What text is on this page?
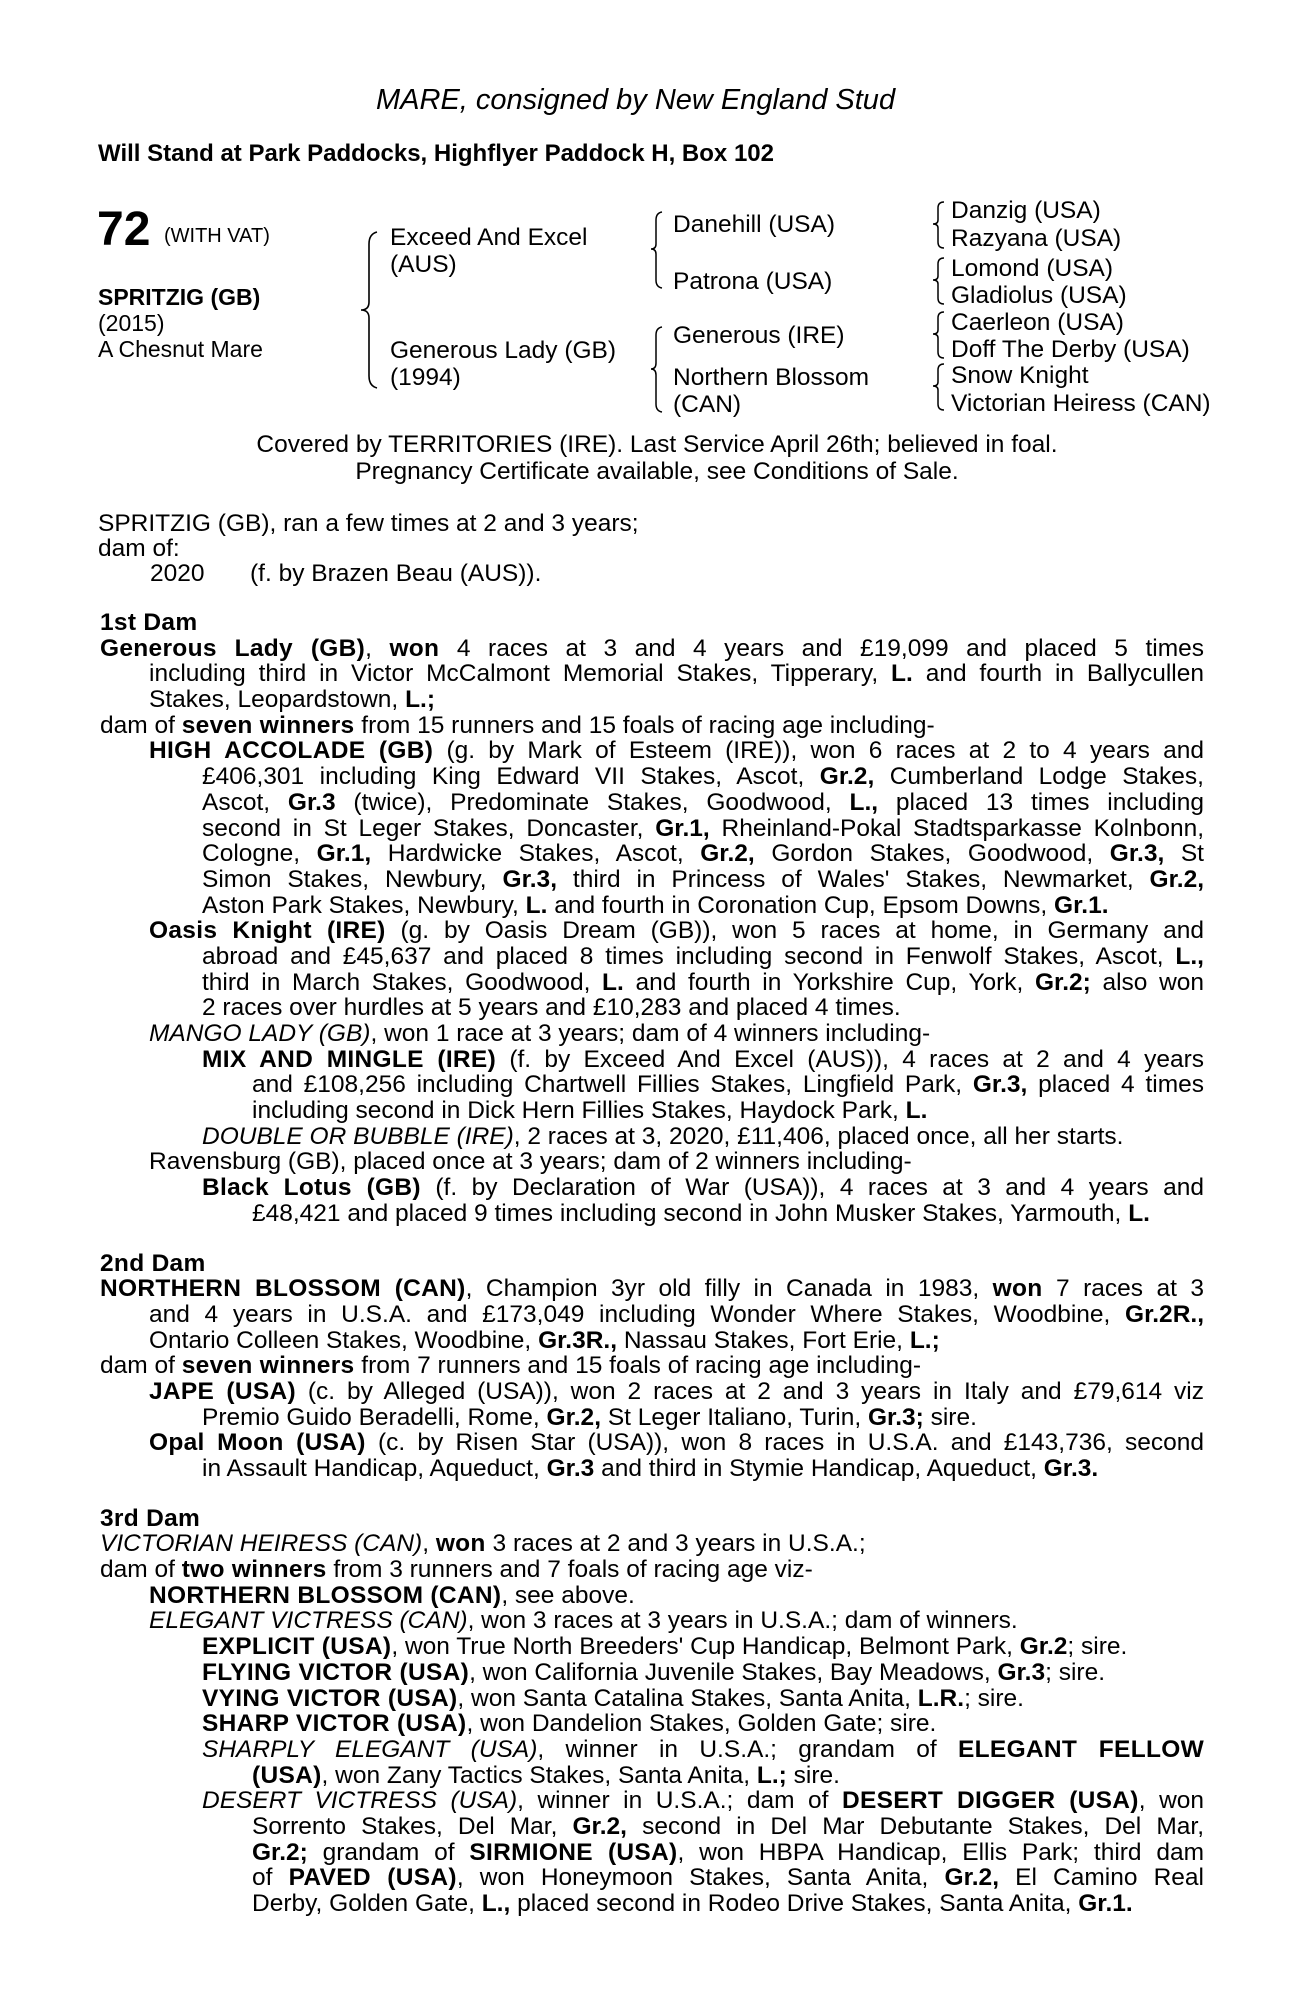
MARE, consigned by New England Stud
Will Stand at Park Paddocks, Highflyer Paddock H, Box 102
72 (WITH VAT)
SPRITZIG (GB)
(2015)
A Chesnut Mare
Exceed And Excel
(AUS)
Generous Lady (GB)
(1994)
Danehill (USA)
Patrona (USA)
Generous (IRE)
Northern Blossom
(CAN)
Danzig (USA)
Razyana (USA)
Lomond (USA)
Gladiolus (USA)
Caerleon (USA)
Doff The Derby (USA)
Snow Knight
Victorian Heiress (CAN)
Covered by TERRITORIES (IRE). Last Service April 26th; believed in foal.
Pregnancy Certificate available, see Conditions of Sale.
SPRITZIG (GB), ran a few times at 2 and 3 years;
dam of:
2020 (f. by Brazen Beau (AUS)).
1st Dam
Generous Lady (GB), won 4 races at 3 and 4 years and £19,099 and placed 5 times
including third in Victor McCalmont Memorial Stakes, Tipperary, L. and fourth in Ballycullen
Stakes, Leopardstown, L.;
dam of seven winners from 15 runners and 15 foals of racing age including-
HIGH ACCOLADE (GB) (g. by Mark of Esteem (IRE)), won 6 races at 2 to 4 years and
£406,301 including King Edward VII Stakes, Ascot, Gr.2, Cumberland Lodge Stakes,
Ascot, Gr.3 (twice), Predominate Stakes, Goodwood, L., placed 13 times including
second in St Leger Stakes, Doncaster, Gr.1, Rheinland-Pokal Stadtsparkasse Kolnbonn,
Cologne, Gr.1, Hardwicke Stakes, Ascot, Gr.2, Gordon Stakes, Goodwood, Gr.3, St
Simon Stakes, Newbury, Gr.3, third in Princess of Wales' Stakes, Newmarket, Gr.2,
Aston Park Stakes, Newbury, L. and fourth in Coronation Cup, Epsom Downs, Gr.1.
Oasis Knight (IRE) (g. by Oasis Dream (GB)), won 5 races at home, in Germany and
abroad and £45,637 and placed 8 times including second in Fenwolf Stakes, Ascot, L.,
third in March Stakes, Goodwood, L. and fourth in Yorkshire Cup, York, Gr.2; also won
2 races over hurdles at 5 years and £10,283 and placed 4 times.
MANGO LADY (GB), won 1 race at 3 years; dam of 4 winners including-
MIX AND MINGLE (IRE) (f. by Exceed And Excel (AUS)), 4 races at 2 and 4 years
and £108,256 including Chartwell Fillies Stakes, Lingfield Park, Gr.3, placed 4 times
including second in Dick Hern Fillies Stakes, Haydock Park, L.
DOUBLE OR BUBBLE (IRE), 2 races at 3, 2020, £11,406, placed once, all her starts.
Ravensburg (GB), placed once at 3 years; dam of 2 winners including-
Black Lotus (GB) (f. by Declaration of War (USA)), 4 races at 3 and 4 years and
£48,421 and placed 9 times including second in John Musker Stakes, Yarmouth, L.
2nd Dam
NORTHERN BLOSSOM (CAN), Champion 3yr old filly in Canada in 1983, won 7 races at 3
and 4 years in U.S.A. and £173,049 including Wonder Where Stakes, Woodbine, Gr.2R.,
Ontario Colleen Stakes, Woodbine, Gr.3R., Nassau Stakes, Fort Erie, L.;
dam of seven winners from 7 runners and 15 foals of racing age including-
JAPE (USA) (c. by Alleged (USA)), won 2 races at 2 and 3 years in Italy and £79,614 viz
Premio Guido Beradelli, Rome, Gr.2, St Leger Italiano, Turin, Gr.3; sire.
Opal Moon (USA) (c. by Risen Star (USA)), won 8 races in U.S.A. and £143,736, second
in Assault Handicap, Aqueduct, Gr.3 and third in Stymie Handicap, Aqueduct, Gr.3.
3rd Dam
VICTORIAN HEIRESS (CAN), won 3 races at 2 and 3 years in U.S.A.;
dam of two winners from 3 runners and 7 foals of racing age viz-
NORTHERN BLOSSOM (CAN), see above.
ELEGANT VICTRESS (CAN), won 3 races at 3 years in U.S.A.; dam of winners.
EXPLICIT (USA), won True North Breeders' Cup Handicap, Belmont Park, Gr.2; sire.
FLYING VICTOR (USA), won California Juvenile Stakes, Bay Meadows, Gr.3; sire.
VYING VICTOR (USA), won Santa Catalina Stakes, Santa Anita, L.R.; sire.
SHARP VICTOR (USA), won Dandelion Stakes, Golden Gate; sire.
SHARPLY ELEGANT (USA), winner in U.S.A.; grandam of ELEGANT FELLOW
(USA), won Zany Tactics Stakes, Santa Anita, L.; sire.
DESERT VICTRESS (USA), winner in U.S.A.; dam of DESERT DIGGER (USA), won
Sorrento Stakes, Del Mar, Gr.2, second in Del Mar Debutante Stakes, Del Mar,
Gr.2; grandam of SIRMIONE (USA), won HBPA Handicap, Ellis Park; third dam
of PAVED (USA), won Honeymoon Stakes, Santa Anita, Gr.2, El Camino Real
Derby, Golden Gate, L., placed second in Rodeo Drive Stakes, Santa Anita, Gr.1.
